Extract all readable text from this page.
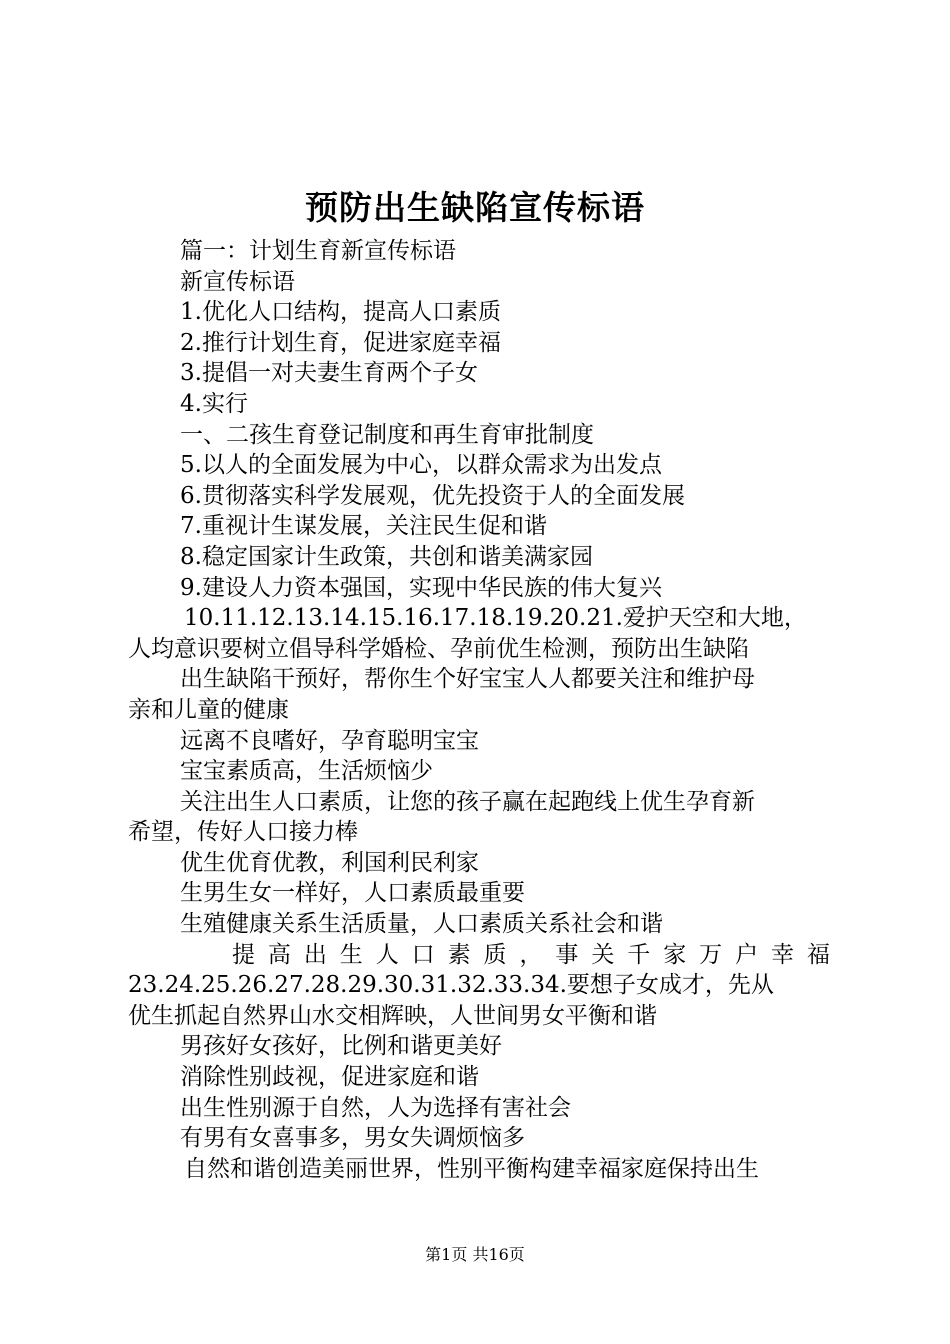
预防出生缺陷宣传标语
篇一：计划生育新宣传标语
新宣传标语
1.优化人口结构，提高人口素质
2.推行计划生育，促进家庭幸福
3.提倡一对夫妻生育两个子女
4.实行
一、二孩生育登记制度和再生育审批制度
5.以人的全面发展为中心，以群众需求为出发点
6.贯彻落实科学发展观，优先投资于人的全面发展
7.重视计生谋发展，关注民生促和谐
8.稳定国家计生政策，共创和谐美满家园
9.建设人力资本强国，实现中华民族的伟大复兴
10.11.12.13.14.15.16.17.18.19.20.21.爱护天空和大地，
人均意识要树立倡导科学婚检、孕前优生检测，预防出生缺陷
出生缺陷干预好，帮你生个好宝宝人人都要关注和维护母
亲和儿童的健康
远离不良嗜好，孕育聪明宝宝
宝宝素质高，生活烦恼少
关注出生人口素质，让您的孩子赢在起跑线上优生孕育新
希望，传好人口接力棒
优生优育优教，利国利民利家
生男生女一样好，人口素质最重要
生殖健康关系生活质量，人口素质关系社会和谐
提 高 出 生 人 口 素 质 ， 事 关 千 家 万 户 幸 福
23.24.25.26.27.28.29.30.31.32.33.34.要想子女成才，先从
优生抓起自然界山水交相辉映，人世间男女平衡和谐
男孩好女孩好，比例和谐更美好
消除性别歧视，促进家庭和谐
出生性别源于自然，人为选择有害社会
有男有女喜事多，男女失调烦恼多
自然和谐创造美丽世界，性别平衡构建幸福家庭保持出生
第1页 共16页
